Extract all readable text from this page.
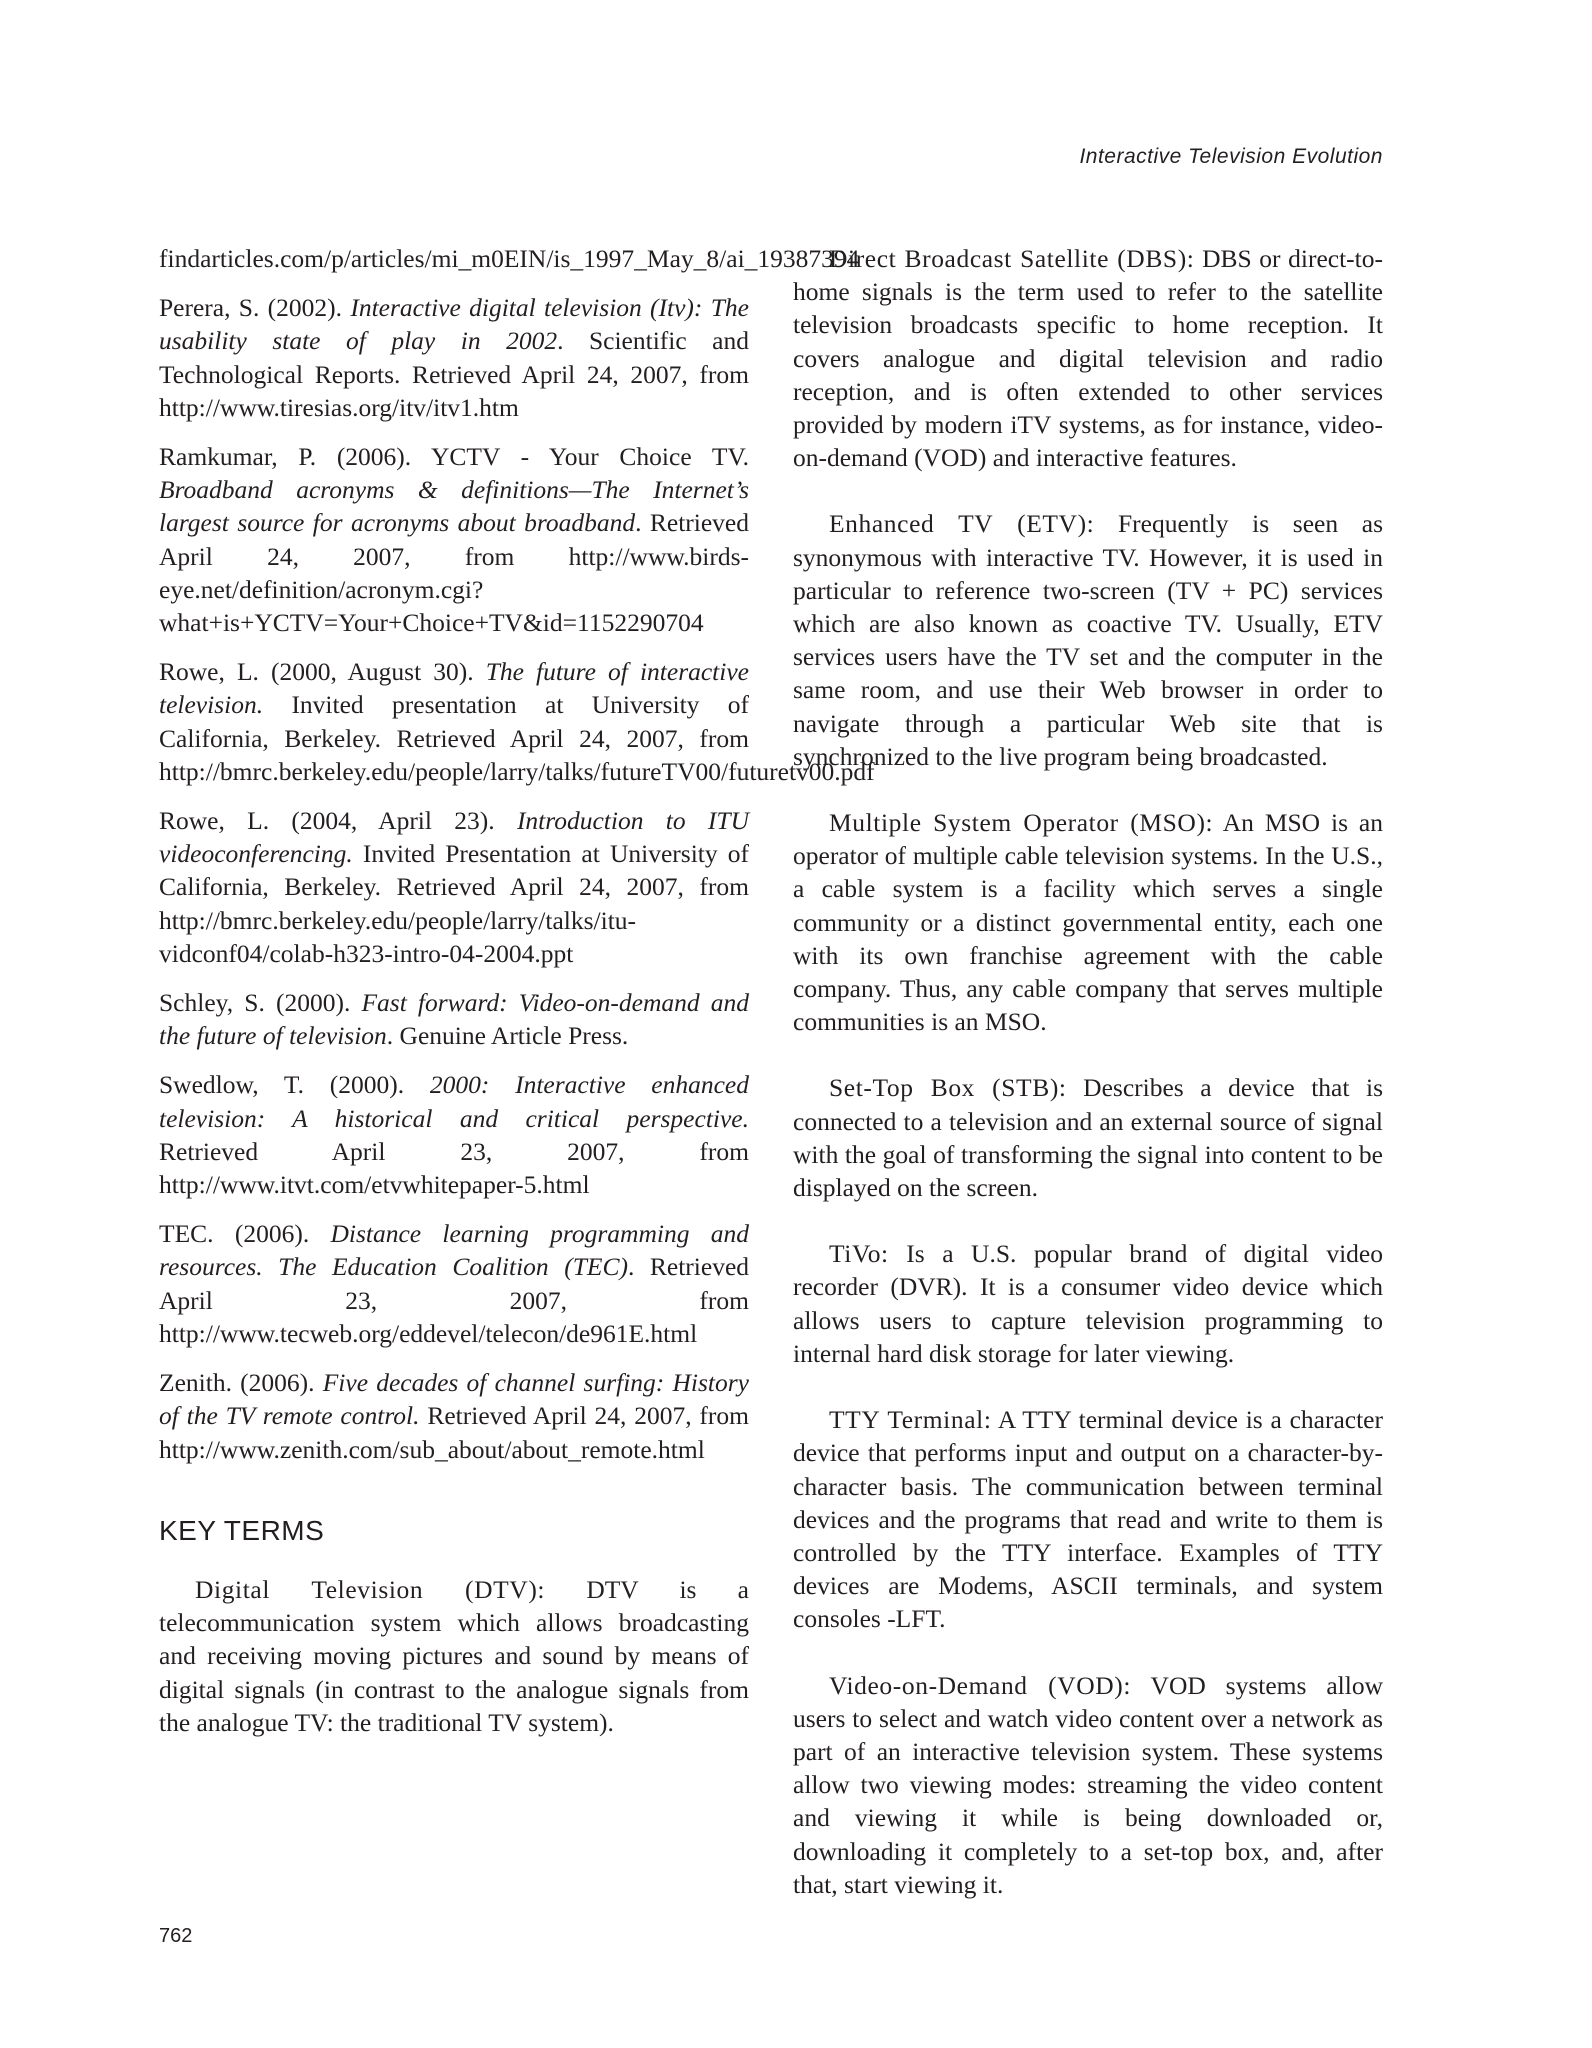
Interactive Television Evolution

findarticles.com/p/articles/mi_m0EIN/is_1997_May_8/ai_19387394

Perera, S. (2002). Interactive digital television (Itv): The usability state of play in 2002. Scientific and Technological Reports. Retrieved April 24, 2007, from http://www.tiresias.org/itv/itv1.htm

Ramkumar, P. (2006). YCTV - Your Choice TV. Broadband acronyms & definitions—The Internet’s largest source for acronyms about broadband. Retrieved April 24, 2007, from http://www.birds-eye.net/definition/acronym.cgi?what+is+YCTV=Your+Choice+TV&id=1152290704

Rowe, L. (2000, August 30). The future of interactive television. Invited presentation at University of California, Berkeley. Retrieved April 24, 2007, from http://bmrc.berkeley.edu/people/larry/talks/futureTV00/futuretv00.pdf

Rowe, L. (2004, April 23). Introduction to ITU videoconferencing. Invited Presentation at University of California, Berkeley. Retrieved April 24, 2007, from http://bmrc.berkeley.edu/people/larry/talks/itu-vidconf04/colab-h323-intro-04-2004.ppt

Schley, S. (2000). Fast forward: Video-on-demand and the future of television. Genuine Article Press.

Swedlow, T. (2000). 2000: Interactive enhanced television: A historical and critical perspective. Retrieved April 23, 2007, from http://www.itvt.com/etvwhitepaper-5.html

TEC. (2006). Distance learning programming and resources. The Education Coalition (TEC). Retrieved April 23, 2007, from http://www.tecweb.org/eddevel/telecon/de961E.html

Zenith. (2006). Five decades of channel surfing: History of the TV remote control. Retrieved April 24, 2007, from http://www.zenith.com/sub_about/about_remote.html

KEY TERMS

Digital Television (DTV): DTV is a telecommunication system which allows broadcasting and receiving moving pictures and sound by means of digital signals (in contrast to the analogue signals from the analogue TV: the traditional TV system).

Direct Broadcast Satellite (DBS): DBS or direct-to-home signals is the term used to refer to the satellite television broadcasts specific to home reception. It covers analogue and digital television and radio reception, and is often extended to other services provided by modern iTV systems, as for instance, video-on-demand (VOD) and interactive features.

Enhanced TV (ETV): Frequently is seen as synonymous with interactive TV. However, it is used in particular to reference two-screen (TV + PC) services which are also known as coactive TV. Usually, ETV services users have the TV set and the computer in the same room, and use their Web browser in order to navigate through a particular Web site that is synchronized to the live program being broadcasted.

Multiple System Operator (MSO): An MSO is an operator of multiple cable television systems. In the U.S., a cable system is a facility which serves a single community or a distinct governmental entity, each one with its own franchise agreement with the cable company. Thus, any cable company that serves multiple communities is an MSO.

Set-Top Box (STB): Describes a device that is connected to a television and an external source of signal with the goal of transforming the signal into content to be displayed on the screen.

TiVo: Is a U.S. popular brand of digital video recorder (DVR). It is a consumer video device which allows users to capture television programming to internal hard disk storage for later viewing.

TTY Terminal: A TTY terminal device is a character device that performs input and output on a character-by-character basis. The communication between terminal devices and the programs that read and write to them is controlled by the TTY interface. Examples of TTY devices are Modems, ASCII terminals, and system consoles -LFT.

Video-on-Demand (VOD): VOD systems allow users to select and watch video content over a network as part of an interactive television system. These systems allow two viewing modes: streaming the video content and viewing it while is being downloaded or, downloading it completely to a set-top box, and, after that, start viewing it.

762
